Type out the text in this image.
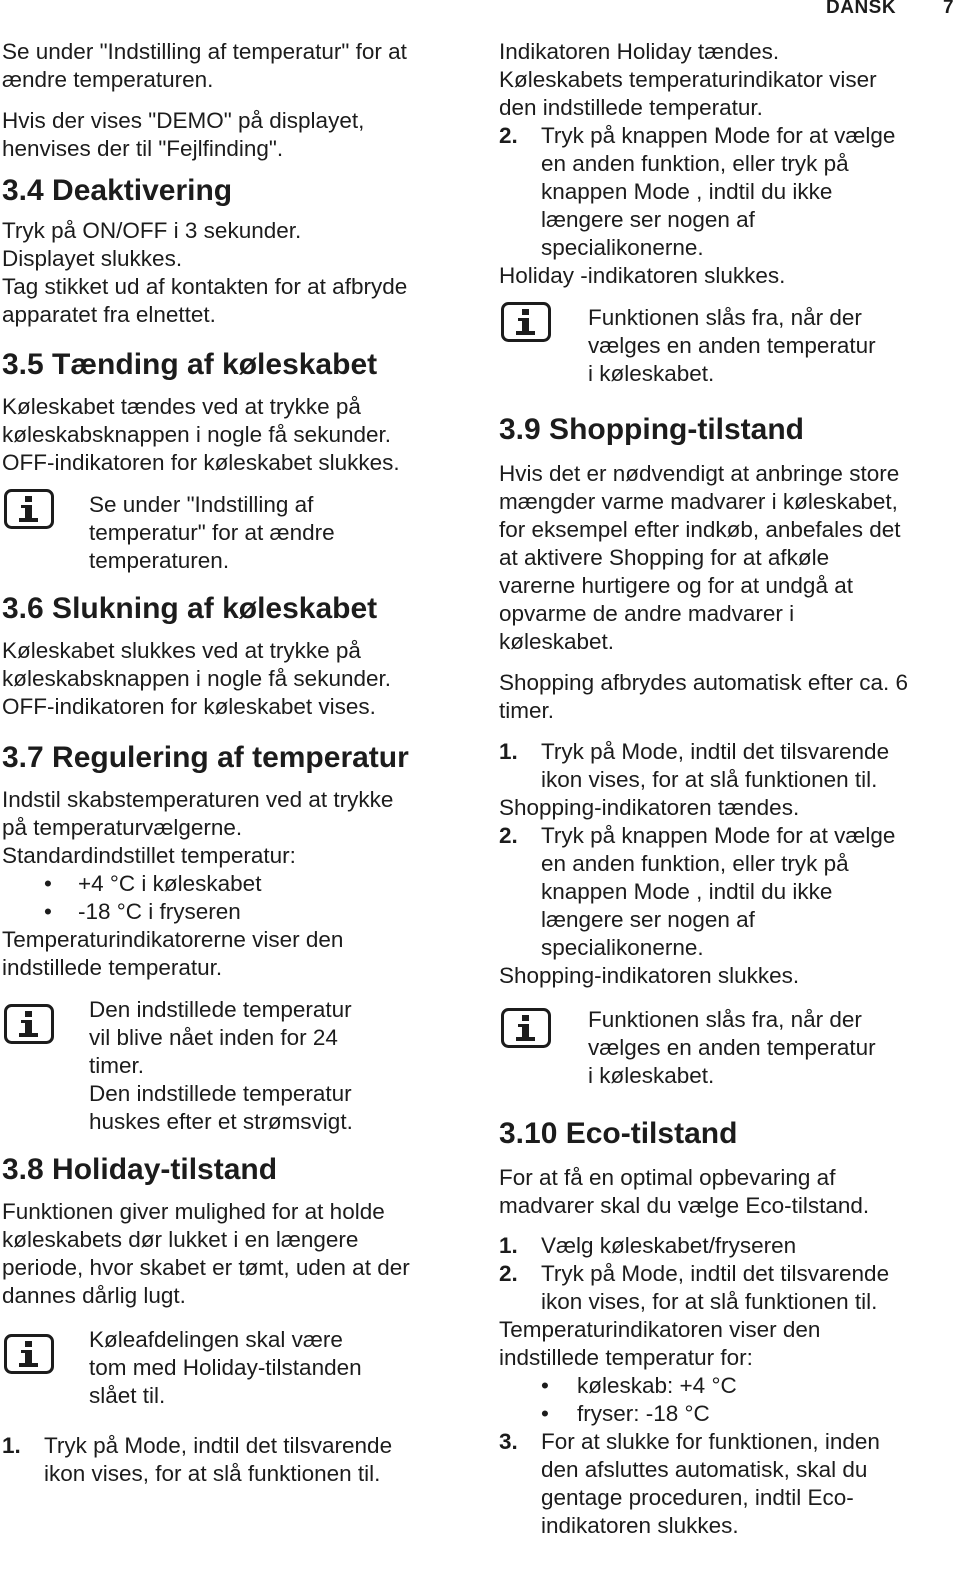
DANSK 7

Se under "Indstilling af temperatur" for at

ændre temperaturen.

Hvis der vises "DEMO" på displayet,

henvises der til "Fejlfinding".

3.4 Deaktivering

Tryk på ON/OFF i 3 sekunder.

Displayet slukkes.

Tag stikket ud af kontakten for at afbryde

apparatet fra elnettet.

3.5 Tænding af køleskabet

Køleskabet tændes ved at trykke på

køleskabsknappen i nogle få sekunder.

OFF-indikatoren for køleskabet slukkes.

Se under "Indstilling af
temperatur" for at ændre
temperaturen.
3.6 Slukning af køleskabet

Køleskabet slukkes ved at trykke på

køleskabsknappen i nogle få sekunder.

OFF-indikatoren for køleskabet vises.

3.7 Regulering af temperatur

Indstil skabstemperaturen ved at trykke

på temperaturvælgerne.

Standardindstillet temperatur:

•	+4 °C i køleskabet
•	-18 °C i fryseren

Temperaturindikatorerne viser den

indstillede temperatur.

Den indstillede temperatur
vil blive nået inden for 24
timer.
Den indstillede temperatur
huskes efter et strømsvigt.
3.8 Holiday-tilstand

Funktionen giver mulighed for at holde

køleskabets dør lukket i en længere

periode, hvor skabet er tømt, uden at der

dannes dårlig lugt.

Køleafdelingen skal være
tom med Holiday-tilstanden
slået til.
1.	Tryk på Mode, indtil det tilsvarende
ikon vises, for at slå funktionen til.

Indikatoren Holiday tændes.

Køleskabets temperaturindikator viser

den indstillede temperatur.

2.	Tryk på knappen Mode for at vælge
en anden funktion, eller tryk på
knappen Mode , indtil du ikke
længere ser nogen af
specialikonerne.

Holiday -indikatoren slukkes.

Funktionen slås fra, når der
vælges en anden temperatur
i køleskabet.
3.9 Shopping-tilstand

Hvis det er nødvendigt at anbringe store

mængder varme madvarer i køleskabet,

for eksempel efter indkøb, anbefales det

at aktivere Shopping for at afkøle

varerne hurtigere og for at undgå at

opvarme de andre madvarer i

køleskabet.

Shopping afbrydes automatisk efter ca. 6

timer.

1.	Tryk på Mode, indtil det tilsvarende
ikon vises, for at slå funktionen til.

Shopping-indikatoren tændes.

2.	Tryk på knappen Mode for at vælge
en anden funktion, eller tryk på
knappen Mode , indtil du ikke
længere ser nogen af
specialikonerne.

Shopping-indikatoren slukkes.

Funktionen slås fra, når der
vælges en anden temperatur
i køleskabet.
3.10 Eco-tilstand

For at få en optimal opbevaring af

madvarer skal du vælge Eco-tilstand.

1.	Vælg køleskabet/fryseren
2.	Tryk på Mode, indtil det tilsvarende
ikon vises, for at slå funktionen til.

Temperaturindikatoren viser den

indstillede temperatur for:

•	køleskab: +4 °C
•	fryser: -18 °C
3.	For at slukke for funktionen, inden
den afsluttes automatisk, skal du
gentage proceduren, indtil Eco-
indikatoren slukkes.
